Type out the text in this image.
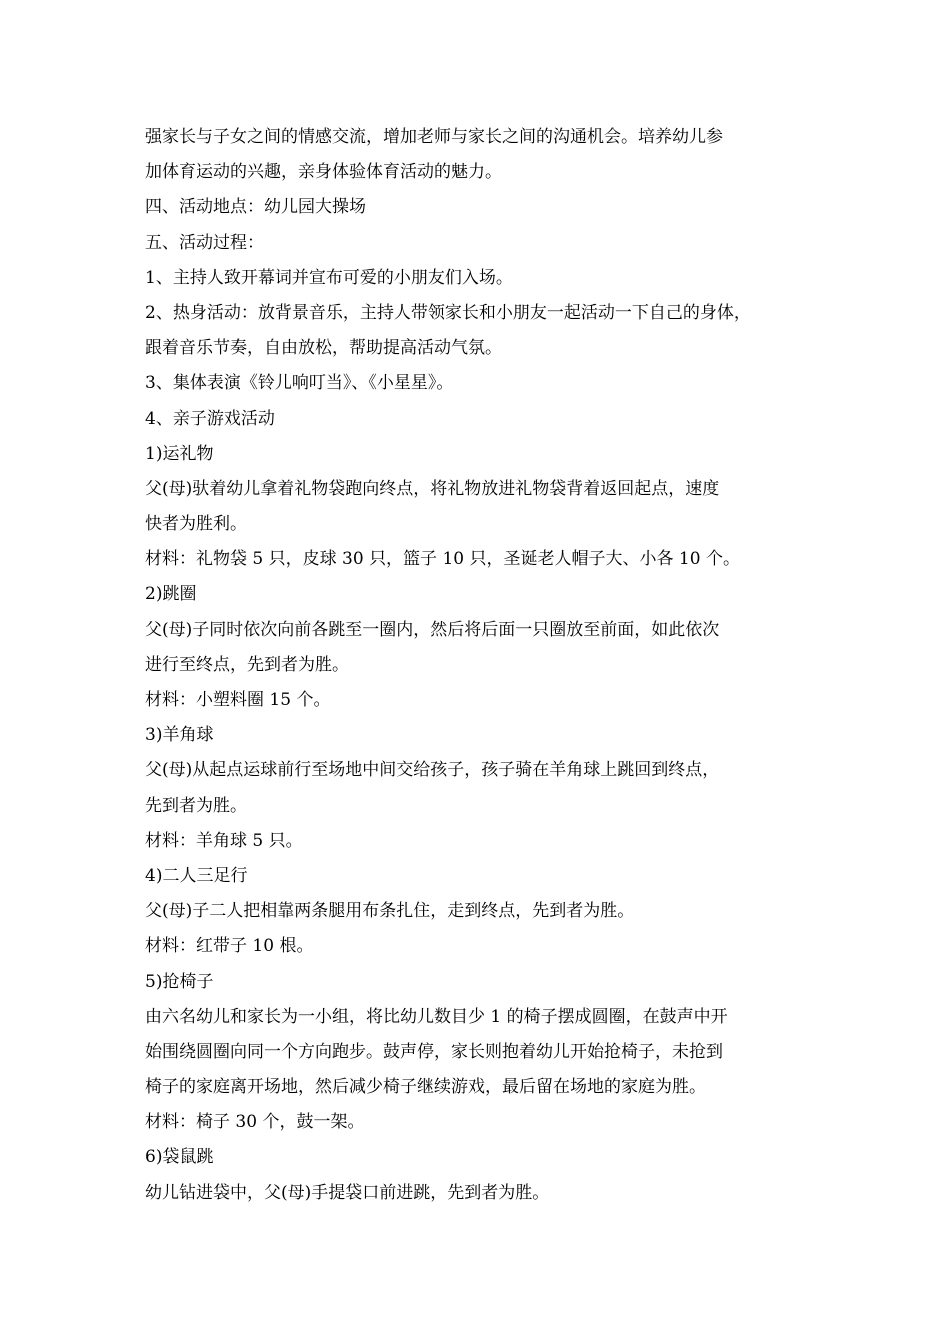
强家长与子女之间的情感交流，增加老师与家长之间的沟通机会。培养幼儿参

加体育运动的兴趣，亲身体验体育活动的魅力。

四、活动地点：幼儿园大操场

五、活动过程：

1、主持人致开幕词并宣布可爱的小朋友们入场。

2、热身活动：放背景音乐，主持人带领家长和小朋友一起活动一下自己的身体，

跟着音乐节奏，自由放松，帮助提高活动气氛。

3、集体表演《铃儿响叮当》、《小星星》。

4、亲子游戏活动

1)运礼物

父(母)驮着幼儿拿着礼物袋跑向终点，将礼物放进礼物袋背着返回起点，速度

快者为胜利。

材料：礼物袋 5 只，皮球 30 只，篮子 10 只，圣诞老人帽子大、小各 10 个。

2)跳圈

父(母)子同时依次向前各跳至一圈内，然后将后面一只圈放至前面，如此依次

进行至终点，先到者为胜。

材料：小塑料圈 15 个。

3)羊角球

父(母)从起点运球前行至场地中间交给孩子，孩子骑在羊角球上跳回到终点，

先到者为胜。

材料：羊角球 5 只。

4)二人三足行

父(母)子二人把相靠两条腿用布条扎住，走到终点，先到者为胜。

材料：红带子 10 根。

5)抢椅子

由六名幼儿和家长为一小组，将比幼儿数目少 1 的椅子摆成圆圈，在鼓声中开

始围绕圆圈向同一个方向跑步。鼓声停，家长则抱着幼儿开始抢椅子，未抢到

椅子的家庭离开场地，然后减少椅子继续游戏，最后留在场地的家庭为胜。

材料：椅子 30 个，鼓一架。

6)袋鼠跳

幼儿钻进袋中，父(母)手提袋口前进跳，先到者为胜。
